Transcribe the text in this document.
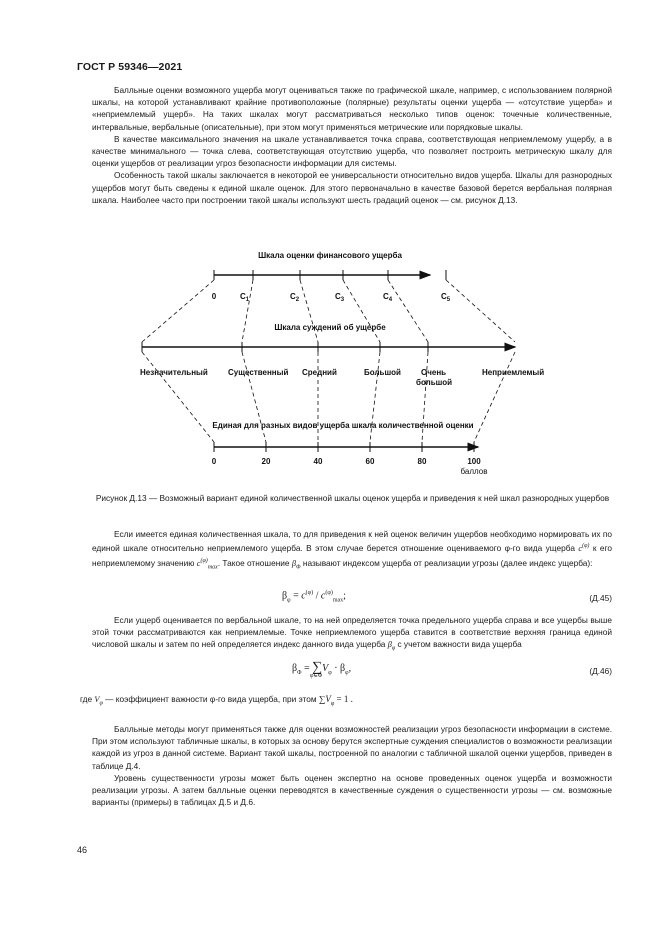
ГОСТ Р 59346—2021

Балльные оценки возможного ущерба могут оцениваться также по графической шкале, например, с использованием полярной шкалы, на которой устанавливают крайние противоположные (полярные) результаты оценки ущерба — «отсутствие ущерба» и «неприемлемый ущерб». На таких шкалах могут рассматриваться несколько типов оценок: точечные количественные, интервальные, вербальные (описательные), при этом могут применяться метрические или порядковые шкалы.

В качестве максимального значения на шкале устанавливается точка справа, соответствующая неприемлемому ущербу, а в качестве минимального — точка слева, соответствующая отсутствию ущерба, что позволяет построить метрическую шкалу для оценки ущербов от реализации угроз безопасности информации для системы.

Особенность такой шкалы заключается в некоторой ее универсальности относительно видов ущерба. Шкалы для разнородных ущербов могут быть сведены к единой шкале оценок. Для этого первоначально в качестве базовой берется вербальная полярная шкала. Наиболее часто при построении такой шкалы используют шесть градаций оценок — см. рисунок Д.13.

Шкала оценки финансового ущерба
0	$C_1$	$C_2$	$C_3$	$C_4$	$C_5$
Шкала суждений об ущербе
Незначительный	Существенный Средний	Большой	Очень
большой
Неприемлемый
Единая для разных видов ущерба шкала количественной оценки
0	20	40	60	80	100
баллов
Рисунок Д.13 — Возможный вариант единой количественной шкалы оценок ущерба и приведения к ней шкал разнородных ущербов

Если имеется единая количественная шкала, то для приведения к ней оценок величин ущербов необходимо нормировать их по единой шкале относительно неприемлемого ущерба. В этом случае берется отношение оцениваемого φ-го вида ущерба $c^{(\varphi)}$ к его неприемлемому значению $c^{(\varphi)}_{max}$. Такое отношение $\beta_\Phi$ называют индексом ущерба от реализации угрозы (далее индекс ущерба):

$\beta_\varphi = c^{(\varphi)} / c^{(\varphi)}_{max}$;	(Д.45)

Если ущерб оценивается по вербальной шкале, то на ней определяется точка предельного ущерба справа и все ущербы выше этой точки рассматриваются как неприемлемые. Точке неприемлемого ущерба ставится в соответствие верхняя граница единой числовой шкалы и затем по ней определяется индекс данного вида ущерба $\beta_\varphi$ с учетом важности вида ущерба

$\beta_\Phi = \sum V_\varphi \cdot \beta_\varphi$,
φ∈Φ	(Д.46)
где $V_\varphi$ — коэффициент важности φ-го вида ущерба, при этом $\sum V_\varphi = 1$ .

Балльные методы могут применяться также для оценки возможностей реализации угроз безопасности информации в системе. При этом используют табличные шкалы, в которых за основу берутся экспертные суждения специалистов о возможности реализации каждой из угроз в данной системе. Вариант такой шкалы, построенной по аналогии с табличной шкалой оценки ущербов, приведен в таблице Д.4.

Уровень существенности угрозы может быть оценен экспертно на основе проведенных оценок ущерба и возможности реализации угрозы. А затем балльные оценки переводятся в качественные суждения о существенности угрозы — см. возможные варианты (примеры) в таблицах Д.5 и Д.6.

46
